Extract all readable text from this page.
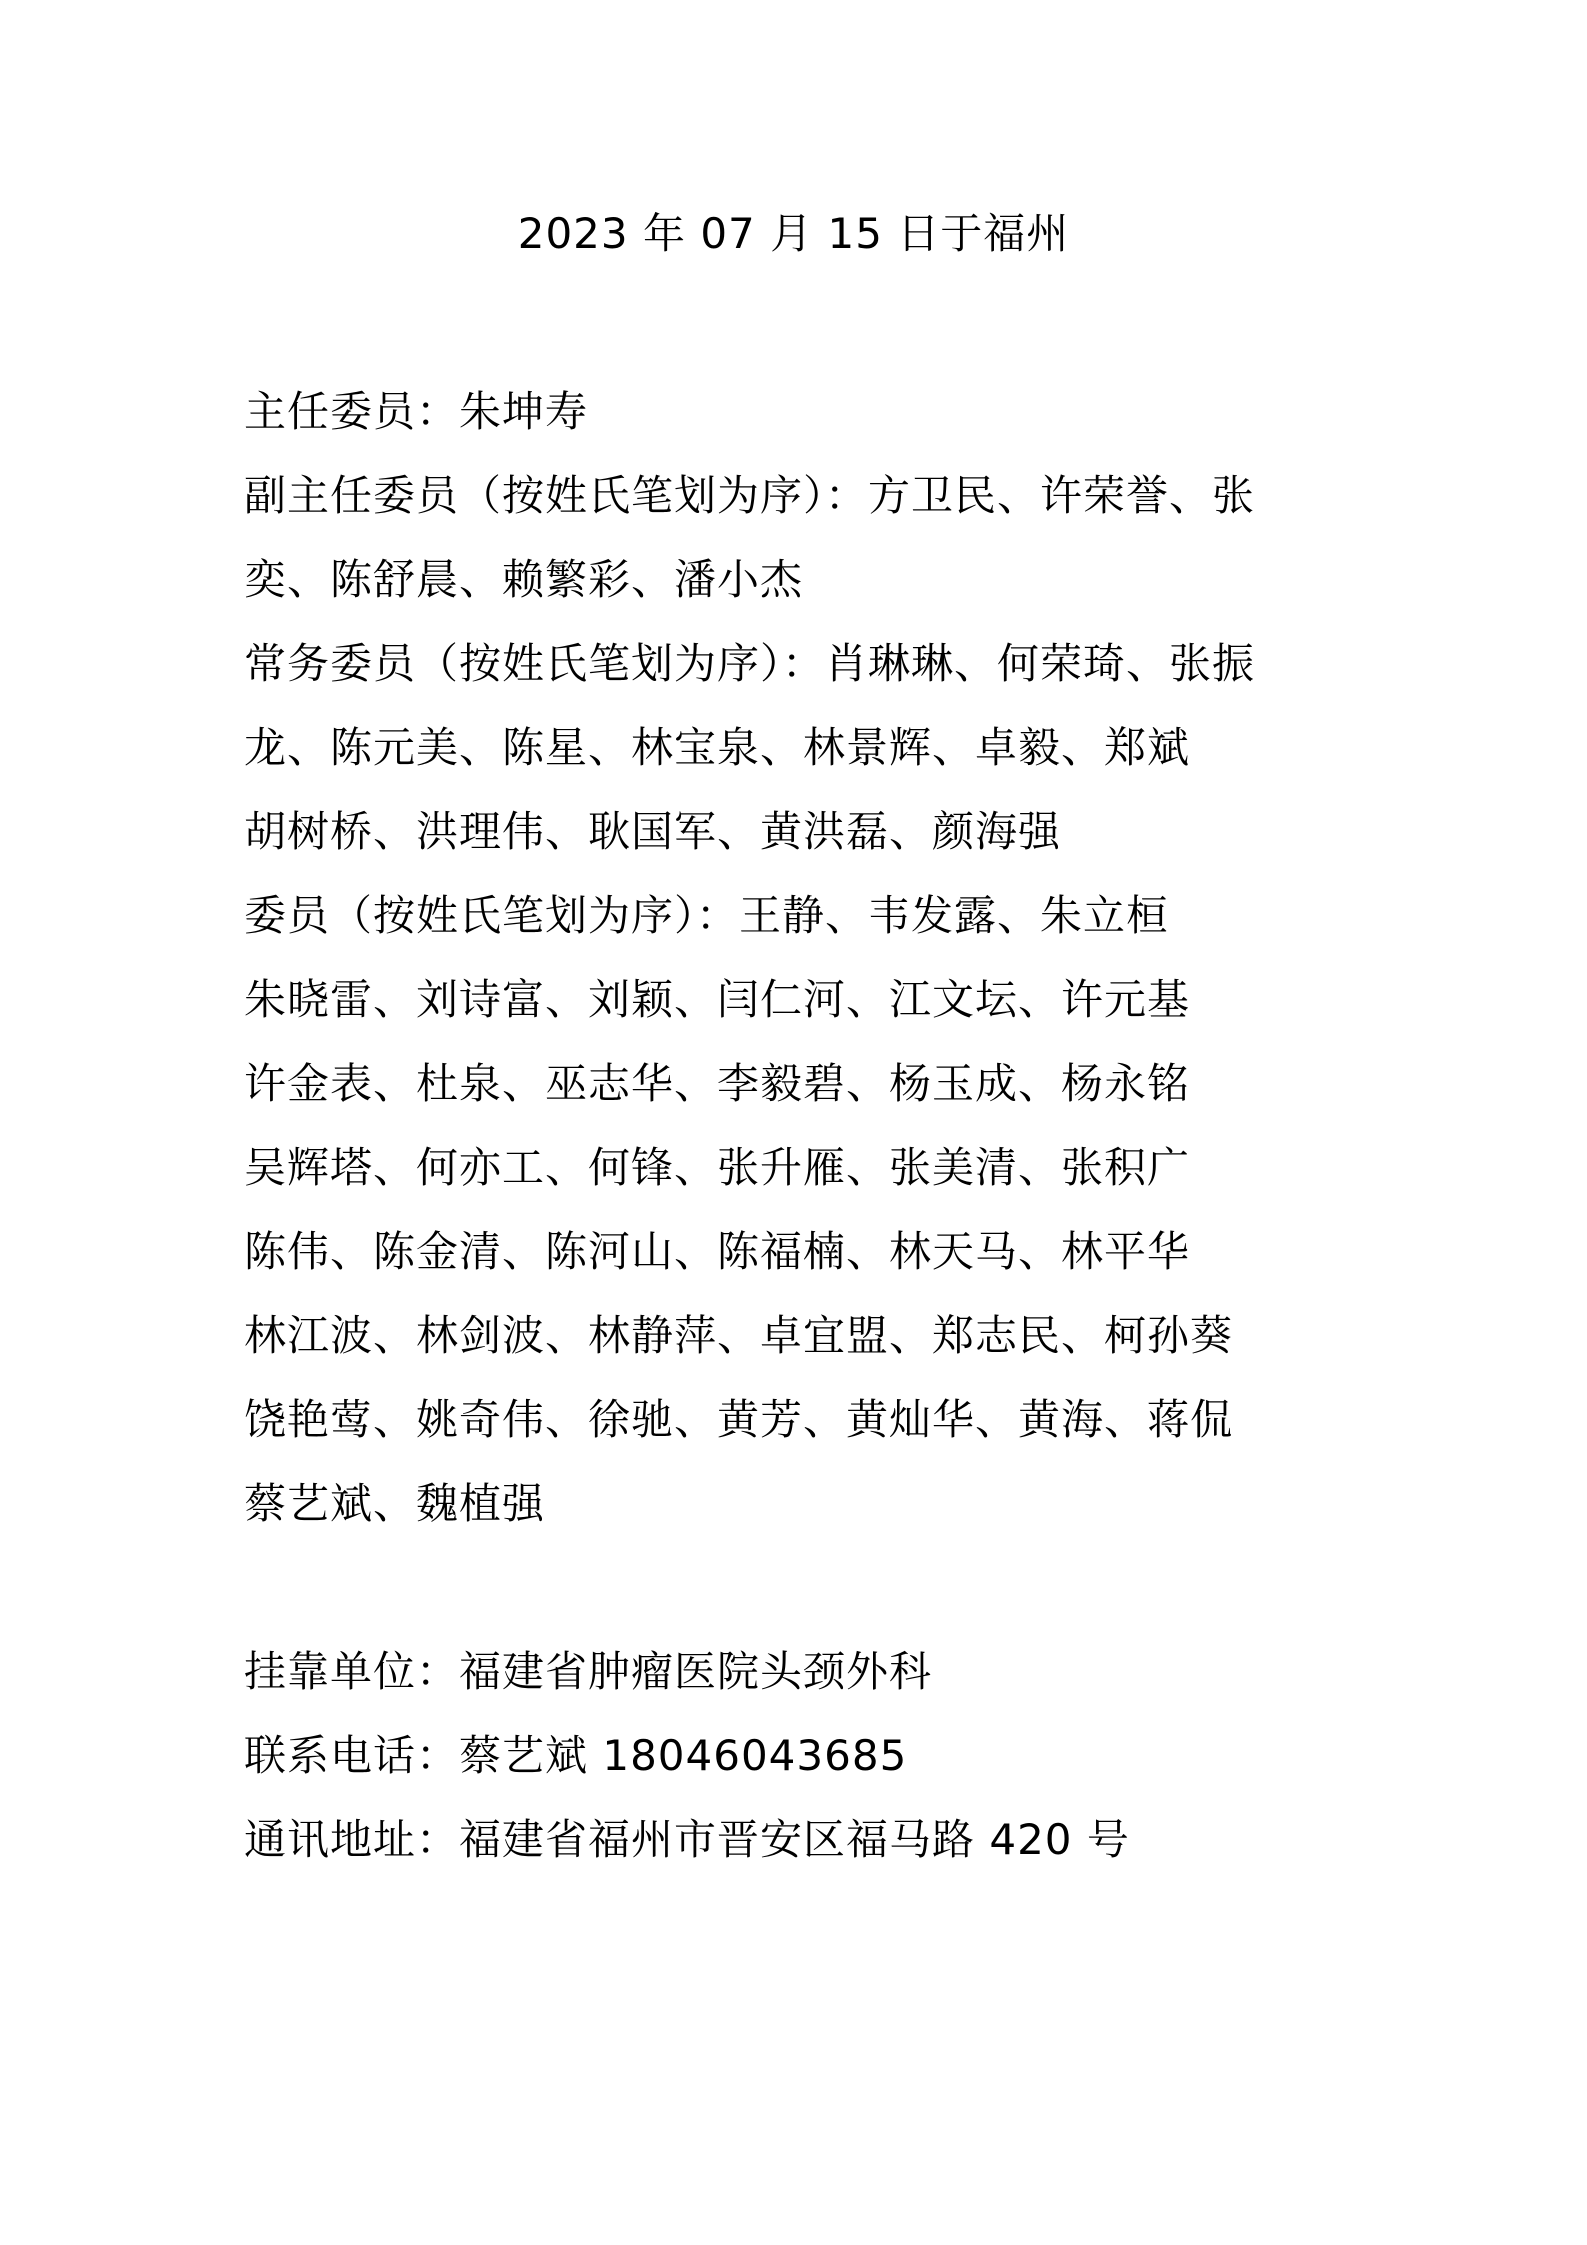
2023 年 07 月 15 日于福州
主任委员：朱坤寿
副主任委员（按姓氏笔划为序）：方卫民、许荣誉、张
奕、陈舒晨、赖繁彩、潘小杰
常务委员（按姓氏笔划为序）：肖琳琳、何荣琦、张振
龙、陈元美、陈星、林宝泉、林景辉、卓毅、郑斌
胡树桥、洪理伟、耿国军、黄洪磊、颜海强
委员（按姓氏笔划为序）：王静、韦发露、朱立桓
朱晓雷、刘诗富、刘颖、闫仁河、江文坛、许元基
许金表、杜泉、巫志华、李毅碧、杨玉成、杨永铭
吴辉塔、何亦工、何锋、张升雁、张美清、张积广
陈伟、陈金清、陈河山、陈福楠、林天马、林平华
林江波、林剑波、林静萍、卓宜盟、郑志民、柯孙葵
饶艳莺、姚奇伟、徐驰、黄芳、黄灿华、黄海、蒋侃
蔡艺斌、魏植强
挂靠单位：福建省肿瘤医院头颈外科
联系电话：蔡艺斌 18046043685
通讯地址：福建省福州市晋安区福马路 420 号
